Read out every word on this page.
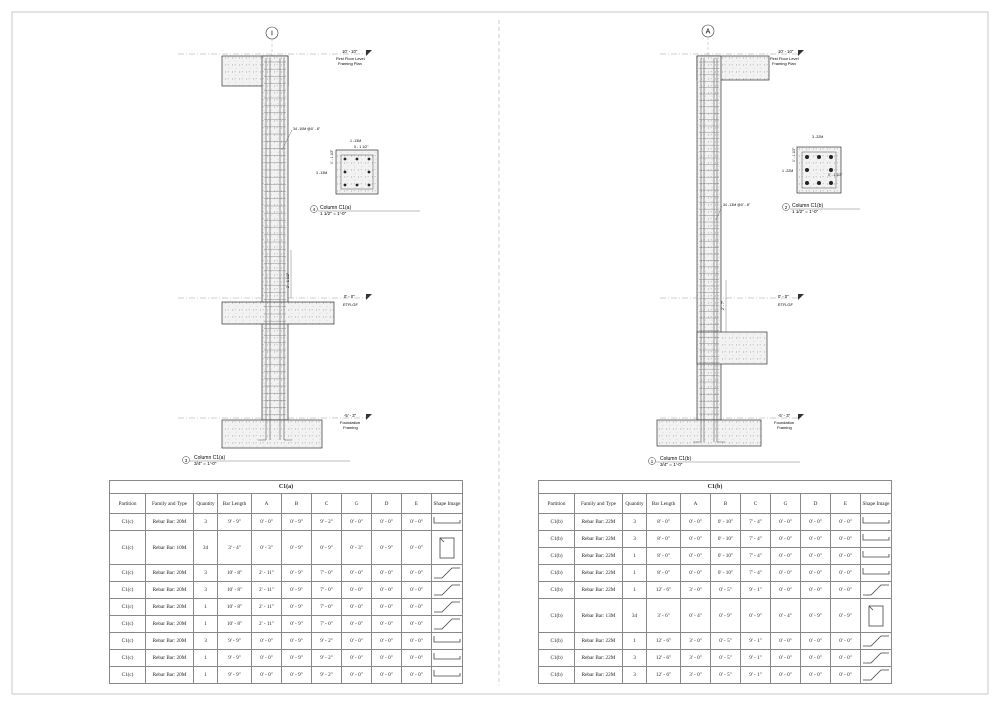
I
34 -10M @0' - 8"
2' - 1 1/2"
10' - 10"
First Floor Level
Framing Plan
0' - 0"
ETR-GF
-5' - 3"
Foundation
Framing
1 -13M
0 - 1 1/2"
3 -13M
0' - 1 1/2"
4 Column C1(a)
1 1/2" = 1'-0"
3 Column C1(a)
3/4" = 1'-0"
A
34 -13M @0' - 8"
2' - 7"
10' - 10"
First Floor Level
Framing Plan
0' - 0"
ETR-GF
-5' - 3"
Foundation
Framing
3 -22M
0' - 1 1/2"
1 -22M
0' - 1 1/2"
2 Column C1(b)
1 1/2" = 1'-0"
1 Column C1(b)
3/4" = 1'-0"
C1(a)										
Partition	Family and Type	Quantity	Bar Length	A	B	C	G	D	E	Shape Image
C1(c)	Rebar Bar: 20M	3	9' - 9"	0' - 0"	0' - 9"	9' - 2"	0' - 0"	0' - 0"	0' - 0"	

C1(c)	Rebar Bar: 10M	34	3' - 4"	0' - 3"	0' - 9"	0' - 9"	0' - 3"	0' - 9"	0' - 0"	

C1(c)	Rebar Bar: 20M	3	10' - 8"	2' - 11"	0' - 9"	7' - 0"	0' - 0"	0' - 0"	0' - 0"	

C1(c)	Rebar Bar: 20M	3	10' - 8"	2' - 11"	0' - 9"	7' - 0"	0' - 0"	0' - 0"	0' - 0"	

C1(c)	Rebar Bar: 20M	1	10' - 8"	2' - 11"	0' - 9"	7' - 0"	0' - 0"	0' - 0"	0' - 0"	

C1(c)	Rebar Bar: 20M	1	10' - 8"	2' - 11"	0' - 9"	7' - 0"	0' - 0"	0' - 0"	0' - 0"	

C1(c)	Rebar Bar: 20M	3	9' - 9"	0' - 0"	0' - 9"	9' - 2"	0' - 0"	0' - 0"	0' - 0"	

C1(c)	Rebar Bar: 20M	1	9' - 9"	0' - 0"	0' - 9"	9' - 2"	0' - 0"	0' - 0"	0' - 0"	

C1(c)	Rebar Bar: 20M	1	9' - 9"	0' - 0"	0' - 9"	9' - 2"	0' - 0"	0' - 0"	0' - 0"	
C1(b)										
Partition	Family and Type	Quantity	Bar Length	A	B	C	G	D	E	Shape Image
C1(b)	Rebar Bar: 22M	3	8' - 0"	0' - 0"	0' - 10"	7' - 4"	0' - 0"	0' - 0"	0' - 0"	

C1(b)	Rebar Bar: 22M	3	8' - 0"	0' - 0"	0' - 10"	7' - 4"	0' - 0"	0' - 0"	0' - 0"	

C1(b)	Rebar Bar: 22M	1	8' - 0"	0' - 0"	0' - 10"	7' - 4"	0' - 0"	0' - 0"	0' - 0"	

C1(b)	Rebar Bar: 22M	1	8' - 0"	0' - 0"	0' - 10"	7' - 4"	0' - 0"	0' - 0"	0' - 0"	

C1(b)	Rebar Bar: 22M	1	12' - 6"	3' - 0"	0' - 5"	9' - 1"	0' - 0"	0' - 0"	0' - 0"	

C1(b)	Rebar Bar: 13M	34	3' - 6"	0' - 4"	0' - 9"	0' - 9"	0' - 4"	0' - 9"	0' - 9"	

C1(b)	Rebar Bar: 22M	1	12' - 6"	3' - 0"	0' - 5"	9' - 1"	0' - 0"	0' - 0"	0' - 0"	

C1(b)	Rebar Bar: 22M	3	12' - 6"	3' - 0"	0' - 5"	9' - 1"	0' - 0"	0' - 0"	0' - 0"	

C1(b)	Rebar Bar: 22M	3	12' - 6"	3' - 0"	0' - 5"	9' - 1"	0' - 0"	0' - 0"	0' - 0"	
